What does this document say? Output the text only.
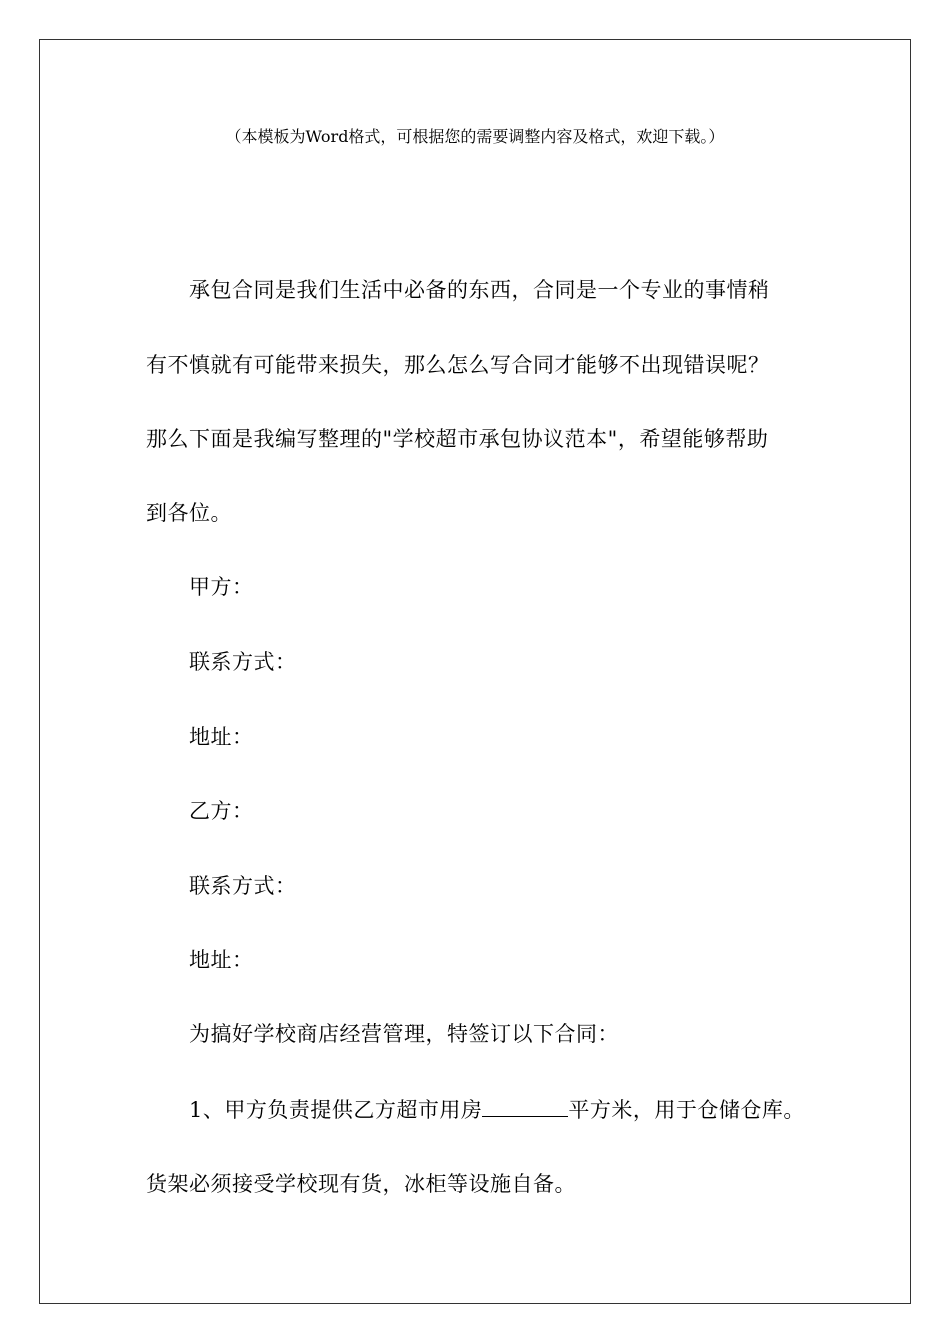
（本模板为Word格式，可根据您的需要调整内容及格式，欢迎下载。）
承包合同是我们生活中必备的东西，合同是一个专业的事情稍
有不慎就有可能带来损失，那么怎么写合同才能够不出现错误呢？
那么下面是我编写整理的"学校超市承包协议范本"，希望能够帮助
到各位。
甲方：
联系方式：
地址：
乙方：
联系方式：
地址：
为搞好学校商店经营管理，特签订以下合同：
1、甲方负责提供乙方超市用房	平方米，用于仓储仓库。
货架必须接受学校现有货，冰柜等设施自备。
